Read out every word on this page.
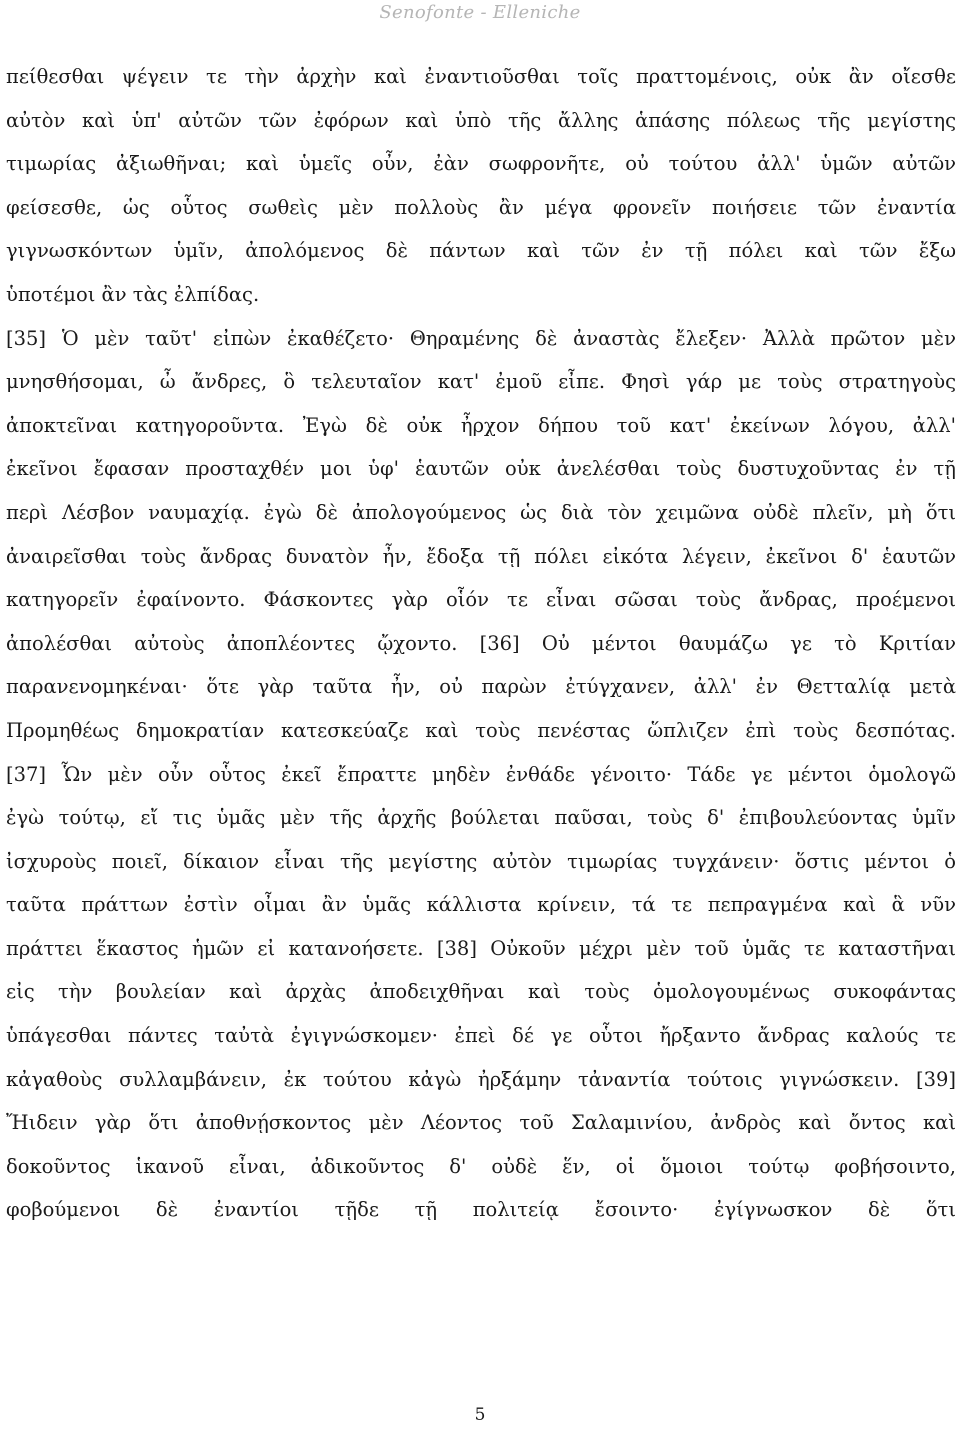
Senofonte - Elleniche
πείθεσθαι ψέγειν τε τὴν ἀρχὴν καὶ ἐναντιοῦσθαι τοῖς πραττομένοις, οὐκ ἂν οἴεσθε
αὐτὸν καὶ ὑπ' αὐτῶν τῶν ἐφόρων καὶ ὑπὸ τῆς ἄλλης ἁπάσης πόλεως τῆς μεγίστης
τιμωρίας ἀξιωθῆναι; καὶ ὑμεῖς οὖν, ἐὰν σωφρονῆτε, οὐ τούτου ἀλλ' ὑμῶν αὐτῶν
φείσεσθε, ὡς οὗτος σωθεὶς μὲν πολλοὺς ἂν μέγα φρονεῖν ποιήσειε τῶν ἐναντία
γιγνωσκόντων ὑμῖν, ἀπολόμενος δὲ πάντων καὶ τῶν ἐν τῇ πόλει καὶ τῶν ἔξω
ὑποτέμοι ἂν τὰς ἐλπίδας.
[35] Ὁ μὲν ταῦτ' εἰπὼν ἐκαθέζετο· Θηραμένης δὲ ἀναστὰς ἔλεξεν· Ἀλλὰ πρῶτον μὲν
μνησθήσομαι, ὦ ἄνδρες, ὃ τελευταῖον κατ' ἐμοῦ εἶπε. Φησὶ γάρ με τοὺς στρατηγοὺς
ἀποκτεῖναι κατηγοροῦντα. Ἐγὼ δὲ οὐκ ἦρχον δήπου τοῦ κατ' ἐκείνων λόγου, ἀλλ'
ἐκεῖνοι ἔφασαν προσταχθέν μοι ὑφ' ἑαυτῶν οὐκ ἀνελέσθαι τοὺς δυστυχοῦντας ἐν τῇ
περὶ Λέσβον ναυμαχίᾳ. ἐγὼ δὲ ἀπολογούμενος ὡς διὰ τὸν χειμῶνα οὐδὲ πλεῖν, μὴ ὅτι
ἀναιρεῖσθαι τοὺς ἄνδρας δυνατὸν ἦν, ἔδοξα τῇ πόλει εἰκότα λέγειν, ἐκεῖνοι δ' ἑαυτῶν
κατηγορεῖν ἐφαίνοντο. Φάσκοντες γὰρ οἷόν τε εἶναι σῶσαι τοὺς ἄνδρας, προέμενοι
ἀπολέσθαι αὐτοὺς ἀποπλέοντες ᾤχοντο. [36] Οὐ μέντοι θαυμάζω γε τὸ Κριτίαν
παρανενομηκέναι· ὅτε γὰρ ταῦτα ἦν, οὐ παρὼν ἐτύγχανεν, ἀλλ' ἐν Θετταλίᾳ μετὰ
Προμηθέως δημοκρατίαν κατεσκεύαζε καὶ τοὺς πενέστας ὥπλιζεν ἐπὶ τοὺς δεσπότας.
[37] Ὧν μὲν οὖν οὗτος ἐκεῖ ἔπραττε μηδὲν ἐνθάδε γένοιτο· Τάδε γε μέντοι ὁμολογῶ
ἐγὼ τούτῳ, εἴ τις ὑμᾶς μὲν τῆς ἀρχῆς βούλεται παῦσαι, τοὺς δ' ἐπιβουλεύοντας ὑμῖν
ἰσχυροὺς ποιεῖ, δίκαιον εἶναι τῆς μεγίστης αὐτὸν τιμωρίας τυγχάνειν· ὅστις μέντοι ὁ
ταῦτα πράττων ἐστὶν οἶμαι ἂν ὑμᾶς κάλλιστα κρίνειν, τά τε πεπραγμένα καὶ ἃ νῦν
πράττει ἕκαστος ἡμῶν εἰ κατανοήσετε. [38] Οὐκοῦν μέχρι μὲν τοῦ ὑμᾶς τε καταστῆναι
εἰς τὴν βουλείαν καὶ ἀρχὰς ἀποδειχθῆναι καὶ τοὺς ὁμολογουμένως συκοφάντας
ὑπάγεσθαι πάντες ταὐτὰ ἐγιγνώσκομεν· ἐπεὶ δέ γε οὗτοι ἤρξαντο ἄνδρας καλούς τε
κἀγαθοὺς συλλαμβάνειν, ἐκ τούτου κἀγὼ ἠρξάμην τἀναντία τούτοις γιγνώσκειν. [39]
Ἤιδειν γὰρ ὅτι ἀποθνῄσκοντος μὲν Λέοντος τοῦ Σαλαμινίου, ἀνδρὸς καὶ ὄντος καὶ
δοκοῦντος ἱκανοῦ εἶναι, ἀδικοῦντος δ' οὐδὲ ἕν, οἱ ὅμοιοι τούτῳ φοβήσοιντο,
φοβούμενοι δὲ ἐναντίοι τῇδε τῇ πολιτείᾳ ἔσοιντο· ἐγίγνωσκον δὲ ὅτι
5
